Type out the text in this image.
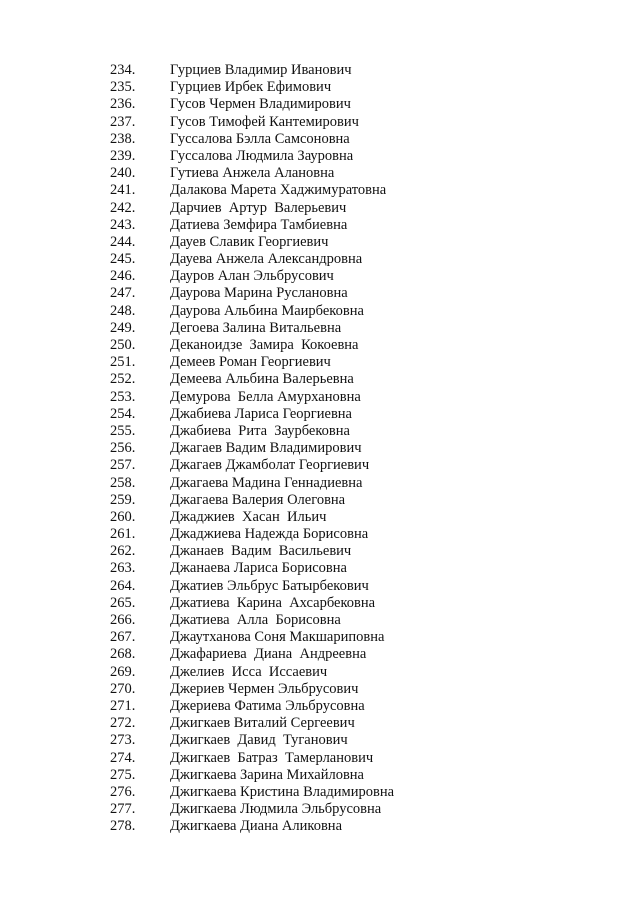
234. Гурциев Владимир Иванович
235. Гурциев Ирбек Ефимович
236. Гусов Чермен Владимирович
237. Гусов Тимофей Кантемирович
238. Гуссалова Бэлла Самсоновна
239. Гуссалова Людмила Зауровна
240. Гутиева Анжела Алановна
241. Далакова Марета Хаджимуратовна
242. Дарчиев  Артур  Валерьевич
243. Датиева Земфира Тамбиевна
244. Дауев Славик Георгиевич
245. Дауева Анжела Александровна
246. Дауров Алан Эльбрусович
247. Даурова Марина Руслановна
248. Даурова Альбина Маирбековна
249. Дегоева Залина Витальевна
250. Деканоидзе  Замира  Кокоевна
251. Демеев Роман Георгиевич
252. Демеева Альбина Валерьевна
253. Демурова  Белла Амурхановна
254. Джабиева Лариса Георгиевна
255. Джабиева  Рита  Заурбековна
256. Джагаев Вадим Владимирович
257. Джагаев Джамболат Георгиевич
258. Джагаева Мадина Геннадиевна
259. Джагаева Валерия Олеговна
260. Джаджиев  Хасан  Ильич
261. Джаджиева Надежда Борисовна
262. Джанаев  Вадим  Васильевич
263. Джанаева Лариса Борисовна
264. Джатиев Эльбрус Батырбекович
265. Джатиева  Карина  Ахсарбековна
266. Джатиева  Алла  Борисовна
267. Джаутханова Соня Макшариповна
268. Джафариева  Диана  Андреевна
269. Джелиев  Исса  Иссаевич
270. Джериев Чермен Эльбрусович
271. Джериева Фатима Эльбрусовна
272. Джигкаев Виталий Сергеевич
273. Джигкаев  Давид  Туганович
274. Джигкаев  Батраз  Тамерланович
275. Джигкаева Зарина Михайловна
276. Джигкаева Кристина Владимировна
277. Джигкаева Людмила Эльбрусовна
278. Джигкаева Диана Аликовна
